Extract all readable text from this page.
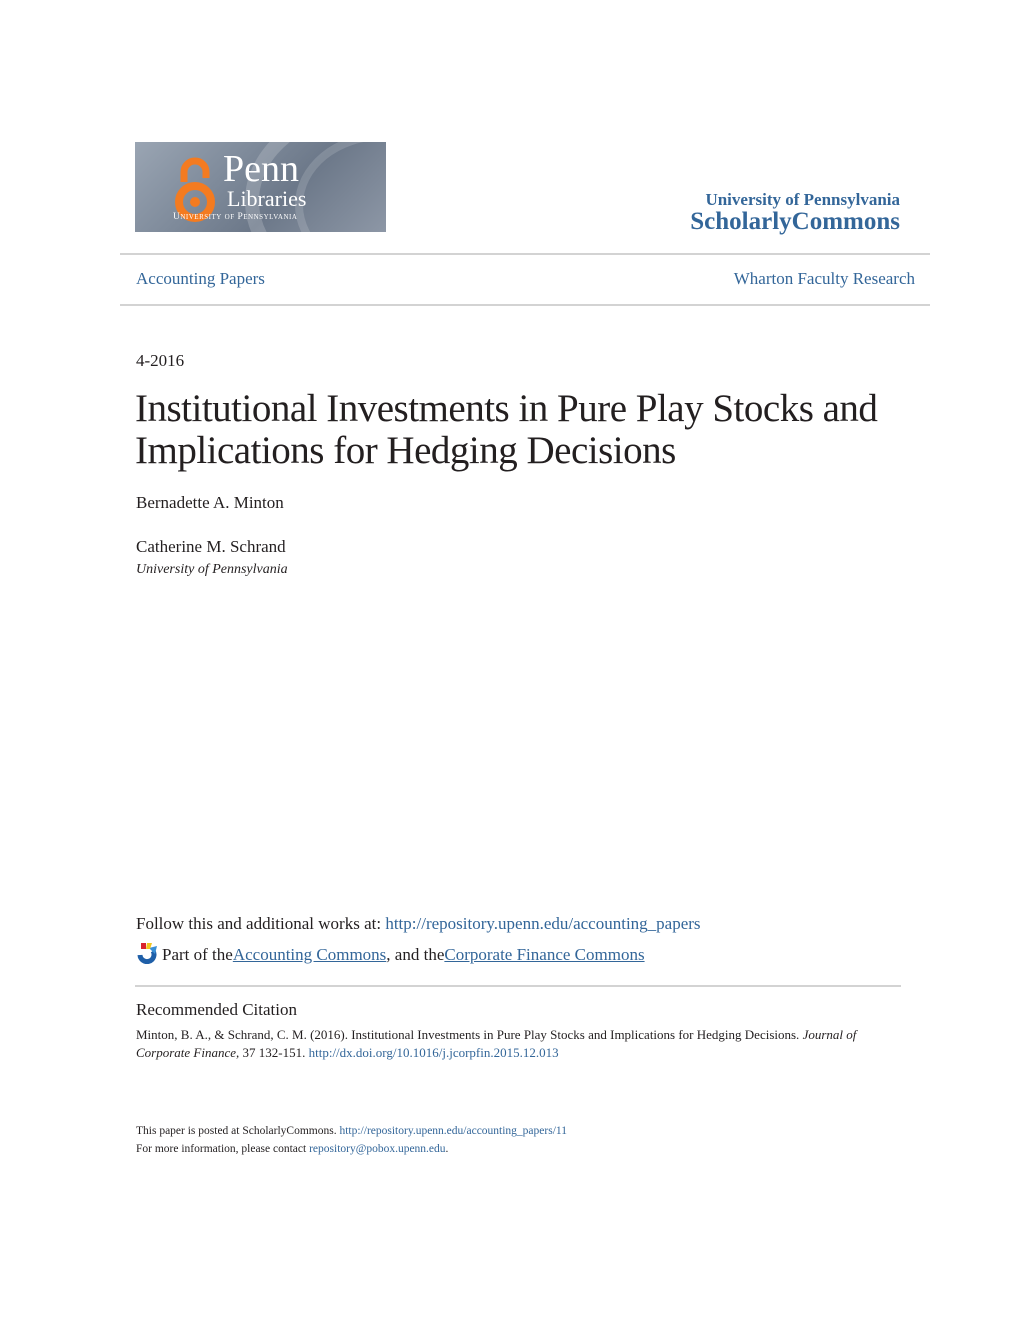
Penn
Libraries
University of Pennsylvania
University of Pennsylvania
ScholarlyCommons
Accounting Papers	Wharton Faculty Research
4-2016
Institutional Investments in Pure Play Stocks and Implications for Hedging Decisions
Bernadette A. Minton
Catherine M. Schrand
University of Pennsylvania
Follow this and additional works at: http://repository.upenn.edu/accounting_papers
Part of the Accounting Commons , and the Corporate Finance Commons
Recommended Citation
Minton, B. A., & Schrand, C. M. (2016). Institutional Investments in Pure Play Stocks and Implications for Hedging Decisions. Journal of Corporate Finance, 37 132-151. http://dx.doi.org/10.1016/j.jcorpfin.2015.12.013
This paper is posted at ScholarlyCommons. http://repository.upenn.edu/accounting_papers/11
For more information, please contact repository@pobox.upenn.edu.
